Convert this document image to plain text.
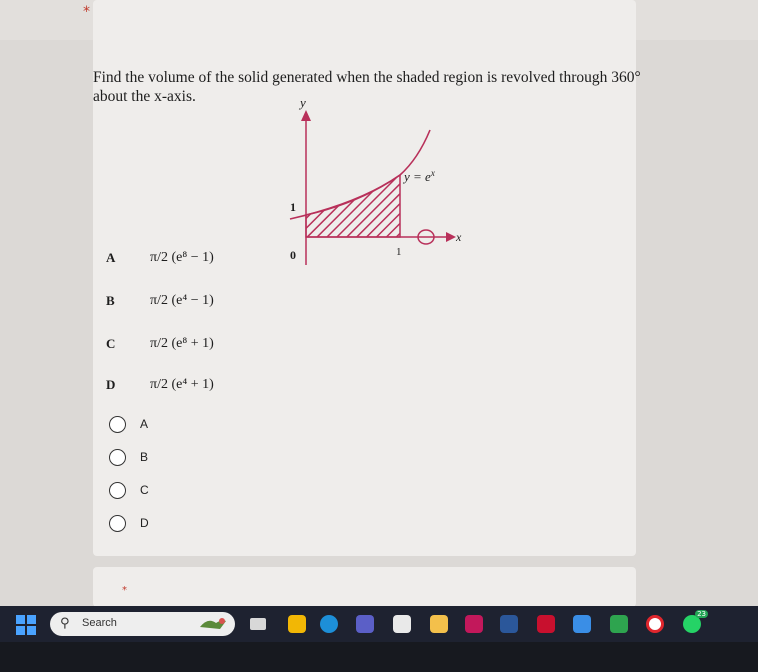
*
*
Find the volume of the solid generated when the shaded region is revolved through 360° about the x-axis.	y
x
$y = e^x$
1
0	1
A	π/2 (e⁸ − 1)
B	π/2 (e⁴ − 1)
C	π/2 (e⁸ + 1)
D	π/2 (e⁴ + 1)
A
B
C
D
⚲ Search
23
